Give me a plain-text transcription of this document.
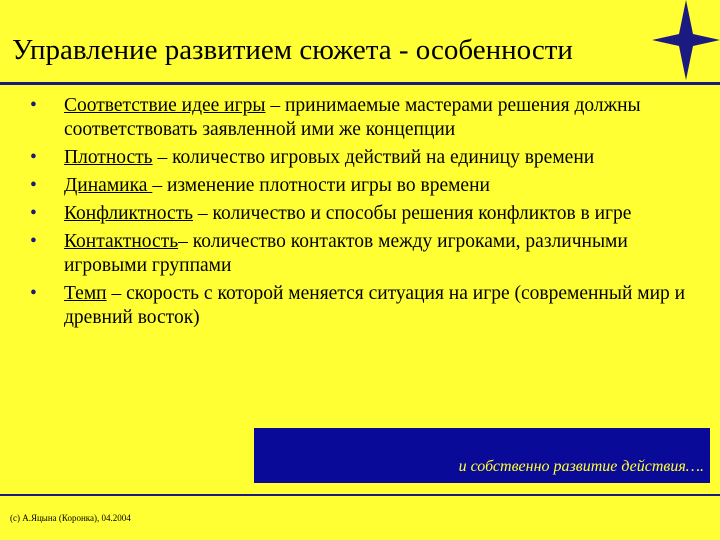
Управление развитием сюжета - особенности
• Соответствие идее игры – принимаемые мастерами решения должны соответствовать заявленной ими же концепции
• Плотность – количество игровых действий на единицу времени
• Динамика – изменение плотности игры во времени
• Конфликтность – количество и способы решения конфликтов в игре
• Контактность– количество контактов между игроками, различными игровыми группами
• Темп – скорость с которой меняется ситуация на игре (современный мир и древний восток)
и собственно развитие действия….
(c) А.Яцына (Коронка), 04.2004
